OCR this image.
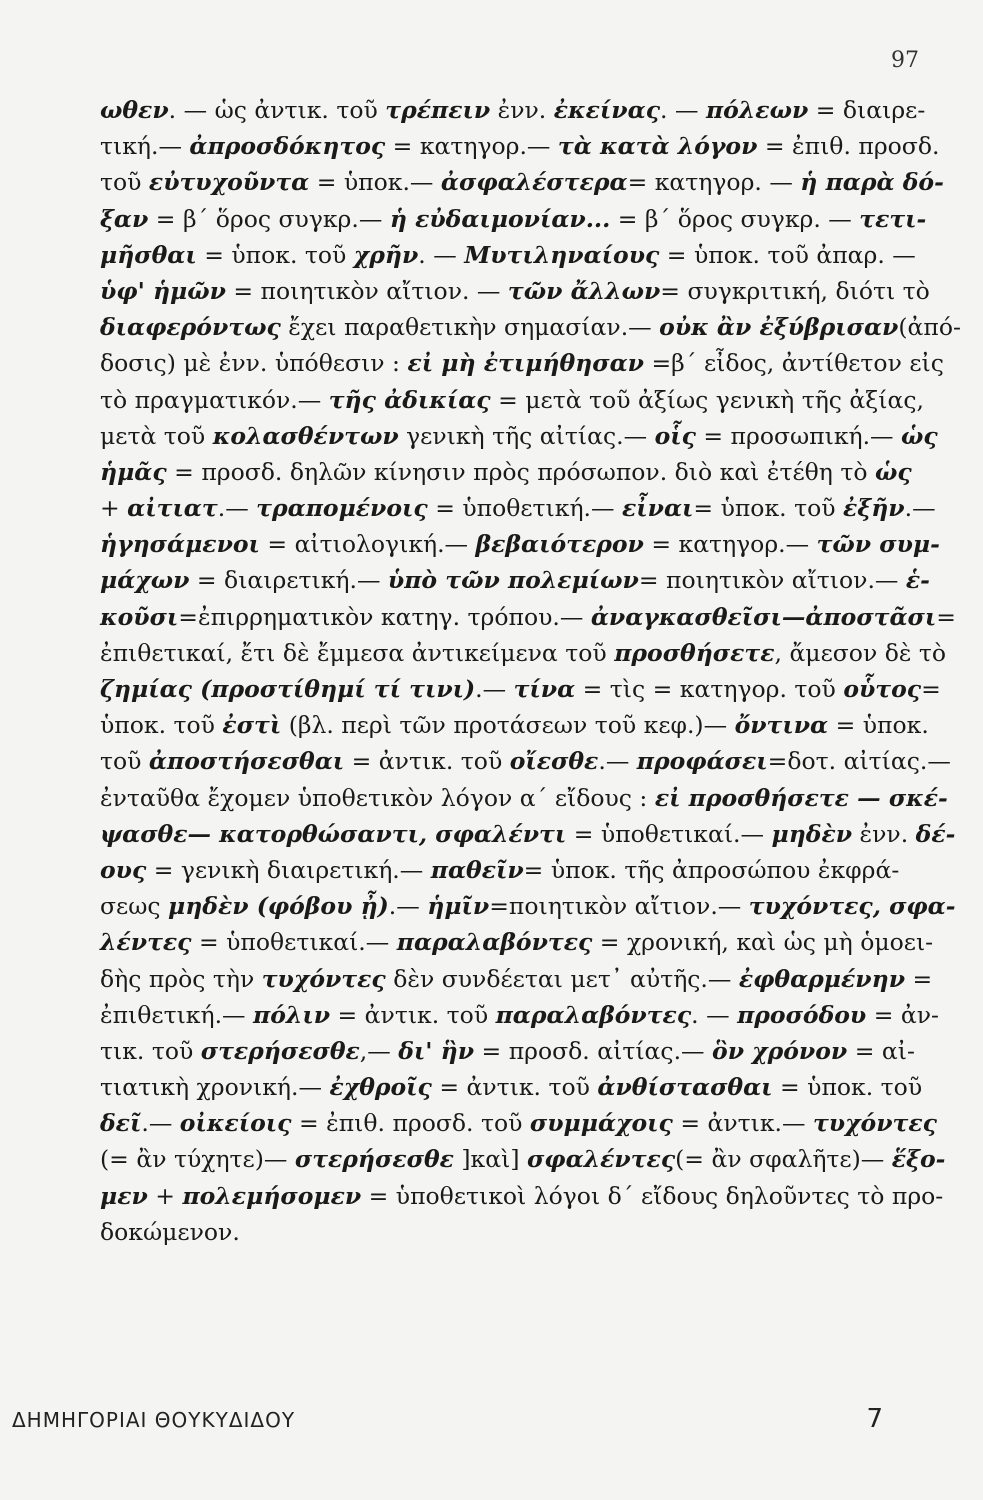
97
ωθεν. — ὡς ἀντικ. τοῦ τρέπειν ἐνν. ἐκείνας. — πόλεων = διαιρε-
τική.— ἀπροσδόκητος = κατηγορ.— τὰ κατὰ λόγον = ἐπιθ. προσδ.
τοῦ εὐτυχοῦντα = ὑποκ.— ἀσφαλέστερα= κατηγορ. — ἡ παρὰ δό-
ξαν = β΄ ὅρος συγκρ.— ἡ εὐδαιμονίαν... = β΄ ὅρος συγκρ. — τετι-
μῆσθαι = ὑποκ. τοῦ χρῆν. — Μυτιληναίους = ὑποκ. τοῦ ἀπαρ. —
ὑφ' ἡμῶν = ποιητικὸν αἴτιον. — τῶν ἄλλων= συγκριτική, διότι τὸ
διαφερόντως ἔχει παραθετικὴν σημασίαν.— οὐκ ἂν ἐξύβρισαν(ἀπό-
δοσις) μὲ ἐνν. ὑπόθεσιν : εἰ μὴ ἐτιμήθησαν =β΄ εἶδος, ἀντίθετον εἰς
τὸ πραγματικόν.— τῆς ἀδικίας = μετὰ τοῦ ἀξίως γενικὴ τῆς ἀξίας,
μετὰ τοῦ κολασθέντων γενικὴ τῆς αἰτίας.— οἷς = προσωπική.— ὡς
ἡμᾶς = προσδ. δηλῶν κίνησιν πρὸς πρόσωπον. διὸ καὶ ἐτέθη τὸ ὡς
+ αἰτιατ.— τραπομένοις = ὑποθετική.— εἶναι= ὑποκ. τοῦ ἐξῆν.—
ἡγησάμενοι = αἰτιολογική.— βεβαιότερον = κατηγορ.— τῶν συμ-
μάχων = διαιρετική.— ὑπὸ τῶν πολεμίων= ποιητικὸν αἴτιον.— ἑ-
κοῦσι=ἐπιρρηματικὸν κατηγ. τρόπου.— ἀναγκασθεῖσι—ἀποστᾶσι=
ἐπιθετικαί, ἔτι δὲ ἔμμεσα ἀντικείμενα τοῦ προσθήσετε, ἄμεσον δὲ τὸ
ζημίας (προστίθημί τί τινι).— τίνα = τὶς = κατηγορ. τοῦ οὗτος=
ὑποκ. τοῦ ἐστὶ (βλ. περὶ τῶν προτάσεων τοῦ κεφ.)— ὄντινα = ὑποκ.
τοῦ ἀποστήσεσθαι = ἀντικ. τοῦ οἴεσθε.— προφάσει=δοτ. αἰτίας.—
ἐνταῦθα ἔχομεν ὑποθετικὸν λόγον α΄ εἴδους : εἰ προσθήσετε — σκέ-
ψασθε— κατορθώσαντι, σφαλέντι = ὑποθετικαί.— μηδὲν ἐνν. δέ-
ους = γενικὴ διαιρετική.— παθεῖν= ὑποκ. τῆς ἀπροσώπου ἐκφρά-
σεως μηδὲν (φόβου ᾖ).— ἡμῖν=ποιητικὸν αἴτιον.— τυχόντες, σφα-
λέντες = ὑποθετικαί.— παραλαβόντες = χρονική, καὶ ὡς μὴ ὁμοει-
δὴς πρὸς τὴν τυχόντες δὲν συνδέεται μετ᾿ αὐτῆς.— ἐφθαρμένην =
ἐπιθετική.— πόλιν = ἀντικ. τοῦ παραλαβόντες. — προσόδου = ἀν-
τικ. τοῦ στερήσεσθε,— δι' ἣν = προσδ. αἰτίας.— ὃν χρόνον = αἰ-
τιατικὴ χρονική.— ἐχθροῖς = ἀντικ. τοῦ ἀνθίστασθαι = ὑποκ. τοῦ
δεῖ.— οἰκείοις = ἐπιθ. προσδ. τοῦ συμμάχοις = ἀντικ.— τυχόντες
(= ἂν τύχητε)— στερήσεσθε ]καὶ] σφαλέντες(= ἂν σφαλῆτε)— ἕξο-
μεν + πολεμήσομεν = ὑποθετικοὶ λόγοι δ΄ εἴδους δηλοῦντες τὸ προ-
δοκώμενον.
ΔΗΜΗΓΟΡΙΑΙ ΘΟΥΚΥΔΙΔΟΥ	7
